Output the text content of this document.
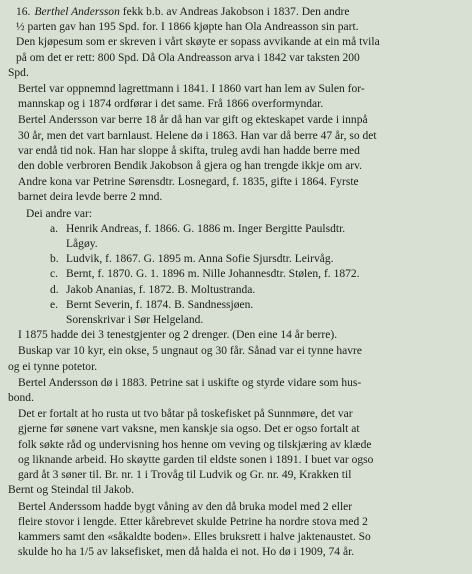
16. Berthel Andersson fekk b.b. av Andreas Jakobson i 1837. Den andre
½ parten gav han 195 Spd. for. I 1866 kjøpte han Ola Andreasson sin part.
Den kjøpesum som er skreven i vårt skøyte er sopass avvikande at ein må tvila
på om det er rett: 800 Spd. Då Ola Andreasson arva i 1842 var taksten 200
Spd.
Bertel var oppnemnd lagrettmann i 1841. I 1860 vart han lem av Sulen for-
mannskap og i 1874 ordførar i det same. Frå 1866 overformyndar.
Bertel Andersson var berre 18 år då han var gift og ekteskapet varde i innpå
30 år, men det vart barnlaust. Helene dø i 1863. Han var då berre 47 år, so det
var endå tid nok. Han har sloppe å skifta, truleg avdi han hadde berre med
den doble verbroren Bendik Jakobson å gjera og han trengde ikkje om arv.
Andre kona var Petrine Sørensdtr. Losnegard, f. 1835, gifte i 1864. Fyrste
barnet deira levde berre 2 mnd.
Dei andre var:
a. Henrik Andreas, f. 1866. G. 1886 m. Inger Bergitte Paulsdtr.
Lågøy.
b. Ludvik, f. 1867. G. 1895 m. Anna Sofie Sjursdtr. Leirvåg.
c. Bernt, f. 1870. G. 1. 1896 m. Nille Johannesdtr. Stølen, f. 1872.
d. Jakob Ananias, f. 1872. B. Moltustranda.
e. Bernt Severin, f. 1874. B. Sandnessjøen.
Sorenskrivar i Sør Helgeland.
I 1875 hadde dei 3 tenestgjenter og 2 drenger. (Den eine 14 år berre).
Buskap var 10 kyr, ein okse, 5 ungnaut og 30 får. Sånad var ei tynne havre
og ei tynne potetor.
Bertel Andersson dø i 1883. Petrine sat i uskifte og styrde vidare som hus-
bond.
Det er fortalt at ho rusta ut tvo båtar på toskefisket på Sunnmøre, det var
gjerne før sønene vart vaksne, men kanskje sia ogso. Det er ogso fortalt at
folk søkte råd og undervisning hos henne om veving og tilskjæring av klæde
og liknande arbeid. Ho skøytte garden til eldste sonen i 1891. I buet var ogso
gard åt 3 søner til. Br. nr. 1 i Trovåg til Ludvik og Gr. nr. 49, Krakken til
Bernt og Steindal til Jakob.
Bertel Anderssom hadde bygt våning av den då bruka model med 2 eller
fleire stovor i lengde. Etter kårebrevet skulde Petrine ha nordre stova med 2
kammers samt den «såkaldte boden». Elles bruksrett i halve jaktenaustet. So
skulde ho ha 1/5 av laksefisket, men då halda ei not. Ho dø i 1909, 74 år.
